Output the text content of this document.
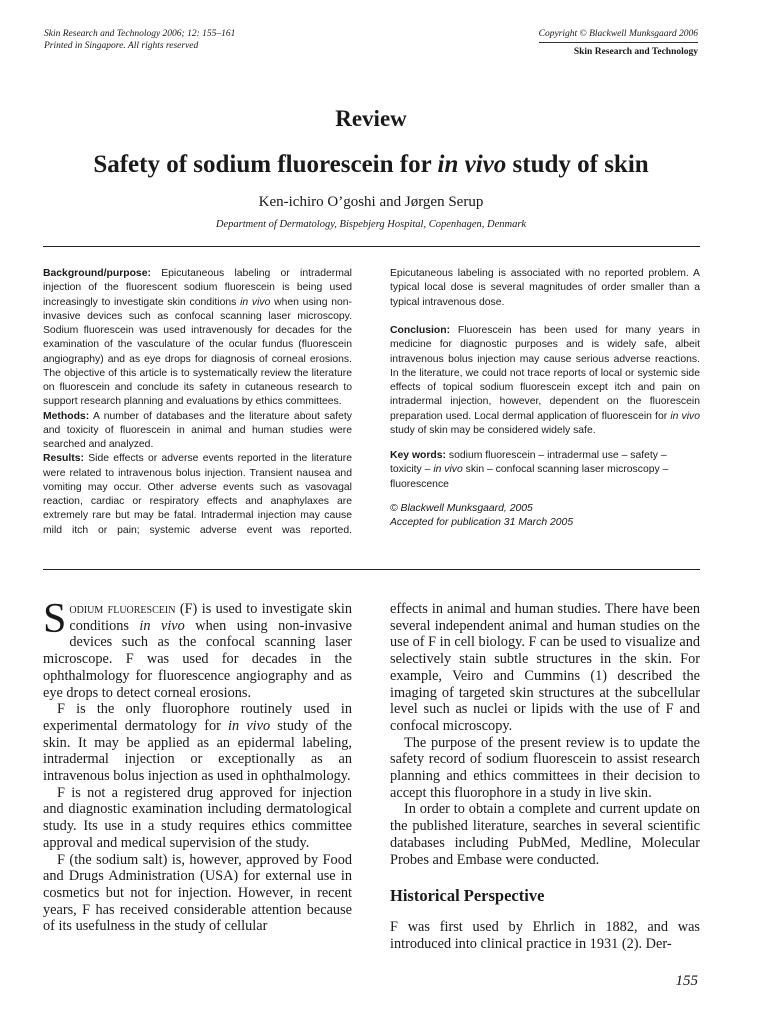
Skin Research and Technology 2006; 12: 155–161
Printed in Singapore. All rights reserved
Copyright © Blackwell Munksgaard 2006
Skin Research and Technology
Review
Safety of sodium fluorescein for in vivo study of skin
Ken-ichiro O’goshi and Jørgen Serup
Department of Dermatology, Bispebjerg Hospital, Copenhagen, Denmark

Background/purpose: Epicutaneous labeling or intradermal injection of the fluorescent sodium fluorescein is being used increasingly to investigate skin conditions in vivo when using non-invasive devices such as confocal scanning laser microscopy. Sodium fluorescein was used intravenously for decades for the examination of the vasculature of the ocular fundus (fluorescein angiography) and as eye drops for diagnosis of corneal erosions. The objective of this article is to systematically review the literature on fluorescein and conclude its safety in cutaneous research to support research planning and evaluations by ethics committees.

Methods: A number of databases and the literature about safety and toxicity of fluorescein in animal and human studies were searched and analyzed.

Results: Side effects or adverse events reported in the literature were related to intravenous bolus injection. Transient nausea and vomiting may occur. Other adverse events such as vasovagal reaction, cardiac or respiratory effects and anaphylaxes are extremely rare but may be fatal. Intradermal injection may cause mild itch or pain; systemic adverse event was reported.

Epicutaneous labeling is associated with no reported problem. A typical local dose is several magnitudes of order smaller than a typical intravenous dose.

Conclusion: Fluorescein has been used for many years in medicine for diagnostic purposes and is widely safe, albeit intravenous bolus injection may cause serious adverse reactions. In the literature, we could not trace reports of local or systemic side effects of topical sodium fluorescein except itch and pain on intradermal injection, however, dependent on the fluorescein preparation used. Local dermal application of fluorescein for in vivo study of skin may be considered widely safe.

Key words: sodium fluorescein – intradermal use – safety – toxicity – in vivo skin – confocal scanning laser microscopy – fluorescence

© Blackwell Munksgaard, 2005

Accepted for publication 31 March 2005

Sodium fluorescein (F) is used to investigate skin conditions in vivo when using non-invasive devices such as the confocal scanning laser microscope. F was used for decades in the ophthalmology for fluorescence angiography and as eye drops to detect corneal erosions.

F is the only fluorophore routinely used in experimental dermatology for in vivo study of the skin. It may be applied as an epidermal labeling, intradermal injection or exceptionally as an intravenous bolus injection as used in ophthalmology.

F is not a registered drug approved for injection and diagnostic examination including dermatological study. Its use in a study requires ethics committee approval and medical supervision of the study.

F (the sodium salt) is, however, approved by Food and Drugs Administration (USA) for external use in cosmetics but not for injection. However, in recent years, F has received considerable attention because of its usefulness in the study of cellular

effects in animal and human studies. There have been several independent animal and human studies on the use of F in cell biology. F can be used to visualize and selectively stain subtle structures in the skin. For example, Veiro and Cummins (1) described the imaging of targeted skin structures at the subcellular level such as nuclei or lipids with the use of F and confocal microscopy.

The purpose of the present review is to update the safety record of sodium fluorescein to assist research planning and ethics committees in their decision to accept this fluorophore in a study in live skin.

In order to obtain a complete and current update on the published literature, searches in several scientific databases including PubMed, Medline, Molecular Probes and Embase were conducted.

Historical Perspective

F was first used by Ehrlich in 1882, and was introduced into clinical practice in 1931 (2). Der-

155
